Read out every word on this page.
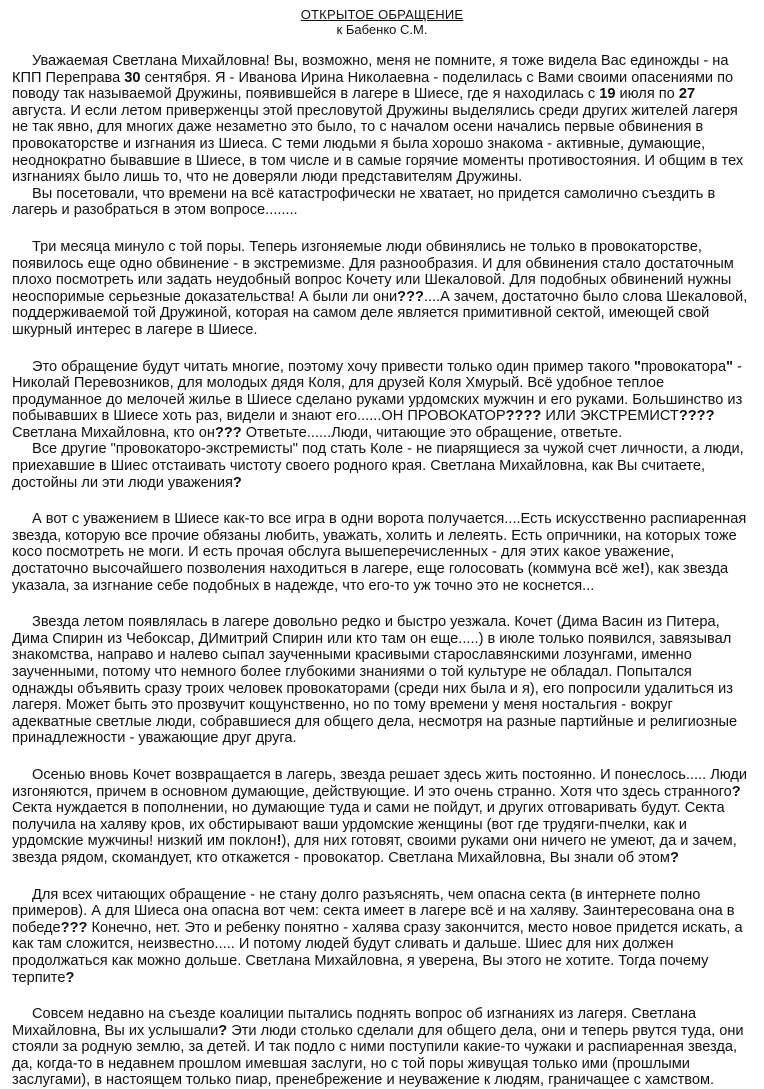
ОТКРЫТОЕ ОБРАЩЕНИЕ
к Бабенко С.М.

Уважаемая Светлана Михайловна! Вы, возможно, меня не помните, я тоже видела Вас единожды - на КПП Переправа 30 сентября. Я - Иванова Ирина Николаевна - поделилась с Вами своими опасениями по поводу так называемой Дружины, появившейся в лагере в Шиесе, где я находилась с 19 июля по 27 августа. И если летом приверженцы этой пресловутой Дружины выделялись среди других жителей лагеря не так явно, для многих даже незаметно это было, то с началом осени начались первые обвинения в провокаторстве и изгнания из Шиеса. С теми людьми я была хорошо знакома - активные, думающие, неоднократно бывавшие в Шиесе, в том числе и в самые горячие моменты противостояния. И общим в тех изгнаниях было лишь то, что не доверяли люди представителям Дружины.

Вы посетовали, что времени на всё катастрофически не хватает, но придется самолично съездить в лагерь и разобраться в этом вопросе........

Три месяца минуло с той поры. Теперь изгоняемые люди обвинялись не только в провокаторстве, появилось еще одно обвинение - в экстремизме. Для разнообразия. И для обвинения стало достаточным плохо посмотреть или задать неудобный вопрос Кочету или Шекаловой. Для подобных обвинений нужны неоспоримые серьезные доказательства! А были ли они???....А зачем, достаточно было слова Шекаловой, поддерживаемой той Дружиной, которая на самом деле является примитивной сектой, имеющей свой шкурный интерес в лагере в Шиесе.

Это обращение будут читать многие, поэтому хочу привести только один пример такого "провокатора" - Николай Перевозников, для молодых дядя Коля, для друзей Коля Хмурый. Всё удобное теплое продуманное до мелочей жилье в Шиесе сделано руками урдомских мужчин и его руками. Большинство из побывавших в Шиесе хоть раз, видели и знают его......ОН ПРОВОКАТОР???? ИЛИ ЭКСТРЕМИСТ???? Светлана Михайловна, кто он??? Ответьте......Люди, читающие это обращение, ответьте.

Все другие "провокаторо-экстремисты" под стать Коле - не пиарящиеся за чужой счет личности, а люди, приехавшие в Шиес отстаивать чистоту своего родного края. Светлана Михайловна, как Вы считаете, достойны ли эти люди уважения?

А вот с уважением в Шиесе как-то все игра в одни ворота получается....Есть искусственно распиаренная звезда, которую все прочие обязаны любить, уважать, холить и лелеять. Есть опричники, на которых тоже косо посмотреть не моги. И есть прочая обслуга вышеперечисленных - для этих какое уважение, достаточно высочайшего позволения находиться в лагере, еще голосовать (коммуна всё же!), как звезда указала, за изгнание себе подобных в надежде, что его-то уж точно это не коснется...

Звезда летом появлялась в лагере довольно редко и быстро уезжала. Кочет (Дима Васин из Питера, Дима Спирин из Чебоксар, ДИмитрий Спирин или кто там он еще.....) в июле только появился, завязывал знакомства, направо и налево сыпал заученными красивыми старославянскими лозунгами, именно заученными, потому что немного более глубокими знаниями о той культуре не обладал. Попытался однажды объявить сразу троих человек провокаторами (среди них была и я), его попросили удалиться из лагеря. Может быть это прозвучит кощунственно, но по тому времени у меня ностальгия - вокруг адекватные светлые люди, собравшиеся для общего дела, несмотря на разные партийные и религиозные принадлежности - уважающие друг друга.

Осенью вновь Кочет возвращается в лагерь, звезда решает здесь жить постоянно. И понеслось..... Люди изгоняются, причем в основном думающие, действующие. И это очень странно. Хотя что здесь странного? Секта нуждается в пополнении, но думающие туда и сами не пойдут, и других отговаривать будут. Секта получила на халяву кров, их обстирывают ваши урдомские женщины (вот где трудяги-пчелки, как и урдомские мужчины! низкий им поклон!), для них готовят, своими руками они ничего не умеют, да и зачем, звезда рядом, скомандует, кто откажется - провокатор. Светлана Михайловна, Вы знали об этом?

Для всех читающих обращение - не стану долго разъяснять, чем опасна секта (в интернете полно примеров). А для Шиеса она опасна вот чем: секта имеет в лагере всё и на халяву. Заинтересована она в победе??? Конечно, нет. Это и ребенку понятно - халява сразу закончится, место новое придется искать, а как там сложится, неизвестно..... И потому людей будут сливать и дальше. Шиес для них должен продолжаться как можно дольше. Светлана Михайловна, я уверена, Вы этого не хотите. Тогда почему терпите?

Совсем недавно на съезде коалиции пытались поднять вопрос об изгнаниях из лагеря. Светлана Михайловна, Вы их услышали? Эти люди столько сделали для общего дела, они и теперь рвутся туда, они стояли за родную землю, за детей. И так подло с ними поступили какие-то чужаки и распиаренная звезда, да, когда-то в недавнем прошлом имевшая заслуги, но с той поры живущая только ими (прошлыми заслугами), в настоящем только пиар, пренебрежение и неуважение к людям, граничащее с хамством.
